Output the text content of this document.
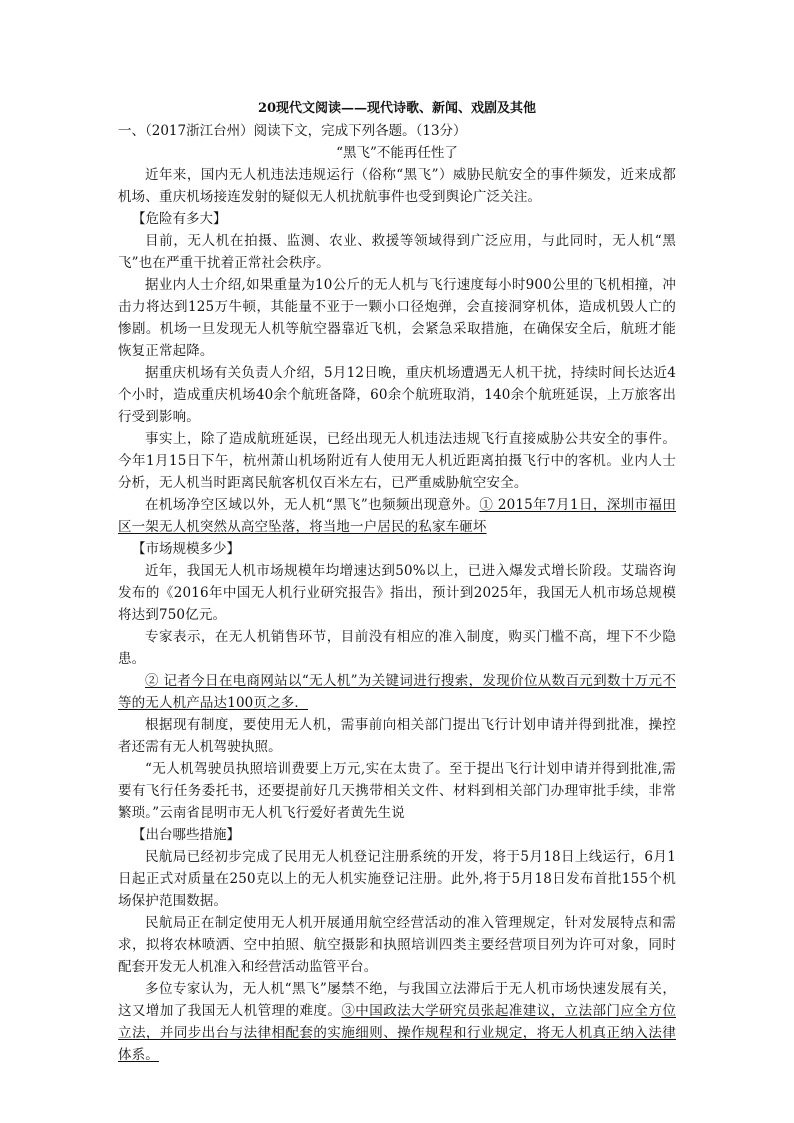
20现代文阅读——现代诗歌、新闻、戏剧及其他
一、（2017浙江台州）阅读下文，完成下列各题。（13分）
“黑飞”不能再任性了

近年来，国内无人机违法违规运行（俗称“黑飞”）威胁民航安全的事件频发，近来成都机场、重庆机场接连发射的疑似无人机扰航事件也受到舆论广泛关注。

【危险有多大】

目前，无人机在拍摄、监测、农业、救援等领域得到广泛应用，与此同时，无人机“黑飞”也在严重干扰着正常社会秩序。

据业内人士介绍,如果重量为10公斤的无人机与飞行速度每小时900公里的飞机相撞，冲击力将达到125万牛顿，其能量不亚于一颗小口径炮弹，会直接洞穿机体，造成机毁人亡的惨剧。机场一旦发现无人机等航空器靠近飞机，会紧急采取措施，在确保安全后，航班才能恢复正常起降。

据重庆机场有关负责人介绍，5月12日晚，重庆机场遭遇无人机干扰，持续时间长达近4个小时，造成重庆机场40余个航班备降，60余个航班取消，140余个航班延误，上万旅客出行受到影响。

事实上，除了造成航班延误，已经出现无人机违法违规飞行直接威胁公共安全的事件。今年1月15日下午，杭州萧山机场附近有人使用无人机近距离拍摄飞行中的客机。业内人士分析，无人机当时距离民航客机仅百米左右，已严重威胁航空安全。

在机场净空区域以外，无人机“黑飞”也频频出现意外。① 2015年7月1日，深圳市福田区一架无人机突然从高空坠落，将当地一户居民的私家车砸坏

【市场规模多少】

近年，我国无人机市场规模年均增速达到50%以上，已进入爆发式增长阶段。艾瑞咨询发布的《2016年中国无人机行业研究报告》指出，预计到2025年，我国无人机市场总规模将达到750亿元。

专家表示，在无人机销售环节，目前没有相应的准入制度，购买门槛不高，埋下不少隐患。

② 记者今日在电商网站以“无人机”为关键词进行搜索，发现价位从数百元到数十万元不等的无人机产品达100页之多．

根据现有制度，要使用无人机，需事前向相关部门提出飞行计划申请并得到批准，操控者还需有无人机驾驶执照。

“无人机驾驶员执照培训费要上万元,实在太贵了。至于提出飞行计划申请并得到批准,需要有飞行任务委托书，还要提前好几天携带相关文件、材料到相关部门办理审批手续，非常繁琐。”云南省昆明市无人机飞行爱好者黄先生说

【出台哪些措施】

民航局已经初步完成了民用无人机登记注册系统的开发，将于5月18日上线运行，6月1日起正式对质量在250克以上的无人机实施登记注册。此外,将于5月18日发布首批155个机场保护范围数据。

民航局正在制定使用无人机开展通用航空经营活动的准入管理规定，针对发展特点和需求，拟将农林喷洒、空中拍照、航空摄影和执照培训四类主要经营项目列为许可对象，同时配套开发无人机准入和经营活动监管平台。

多位专家认为，无人机“黑飞”屡禁不绝，与我国立法滞后于无人机市场快速发展有关，这又增加了我国无人机管理的难度。③中国政法大学研究员张起准建议，立法部门应全方位立法，并同步出台与法律相配套的实施细则、操作规程和行业规定，将无人机真正纳入法律体系。
